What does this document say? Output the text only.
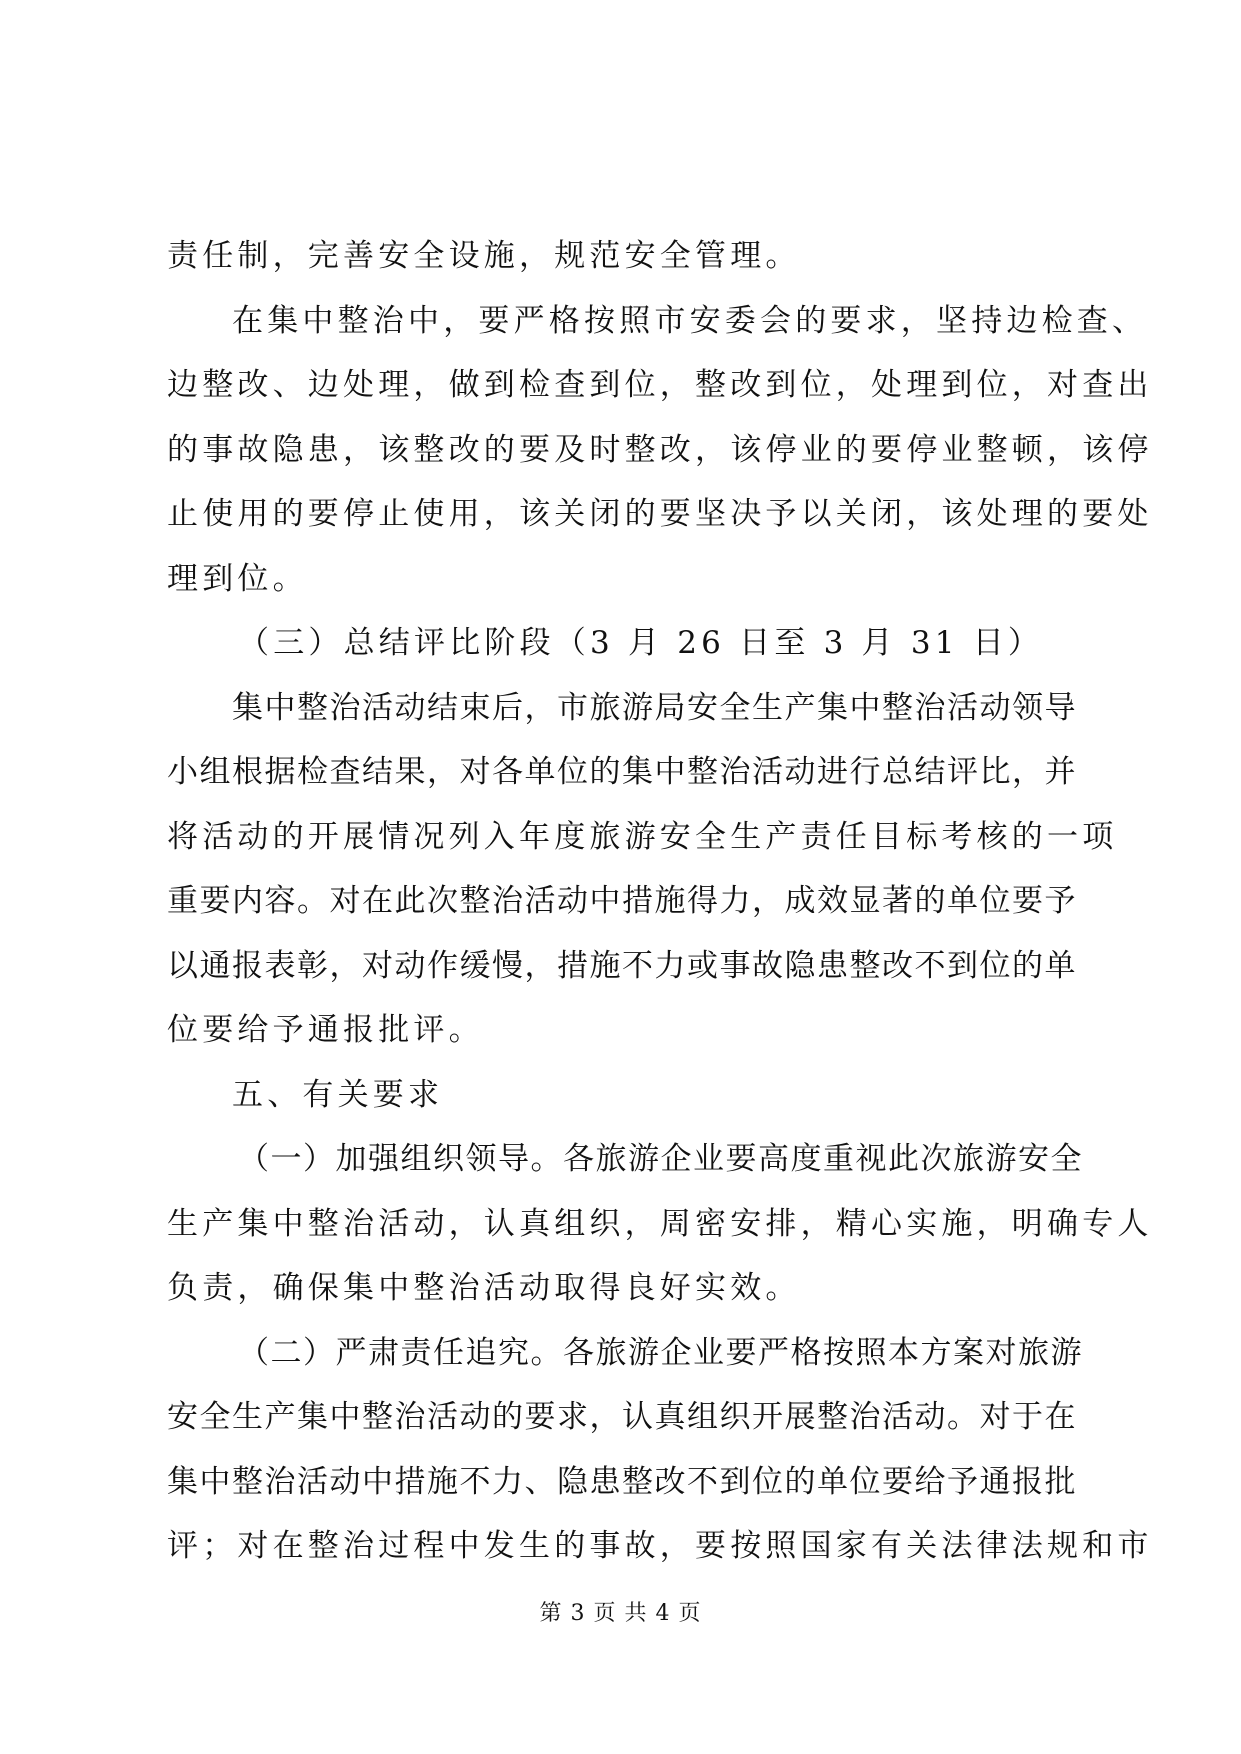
责任制，完善安全设施，规范安全管理。
在集中整治中，要严格按照市安委会的要求，坚持边检查、
边整改、边处理，做到检查到位，整改到位，处理到位，对查出
的事故隐患，该整改的要及时整改，该停业的要停业整顿，该停
止使用的要停止使用，该关闭的要坚决予以关闭，该处理的要处
理到位。
（三）总结评比阶段（3 月 26 日至 3 月 31 日）
集中整治活动结束后，市旅游局安全生产集中整治活动领导
小组根据检查结果，对各单位的集中整治活动进行总结评比，并
将活动的开展情况列入年度旅游安全生产责任目标考核的一项
重要内容。对在此次整治活动中措施得力，成效显著的单位要予
以通报表彰，对动作缓慢，措施不力或事故隐患整改不到位的单
位要给予通报批评。
五、有关要求
（一）加强组织领导。各旅游企业要高度重视此次旅游安全
生产集中整治活动，认真组织，周密安排，精心实施，明确专人
负责，确保集中整治活动取得良好实效。
（二）严肃责任追究。各旅游企业要严格按照本方案对旅游
安全生产集中整治活动的要求，认真组织开展整治活动。对于在
集中整治活动中措施不力、隐患整改不到位的单位要给予通报批
评；对在整治过程中发生的事故，要按照国家有关法律法规和市
第 3 页 共 4 页
